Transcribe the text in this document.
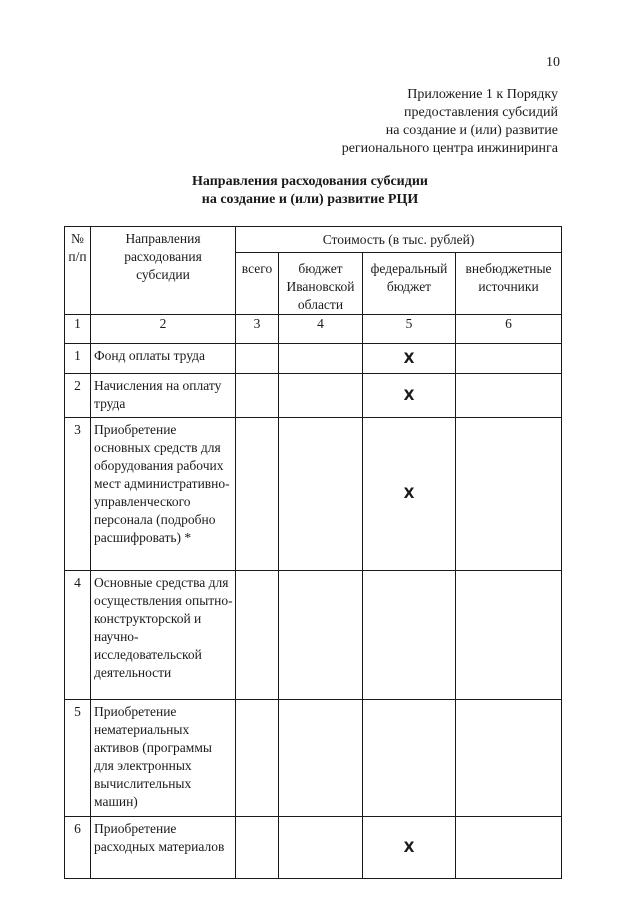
10
Приложение 1 к Порядку
предоставления субсидий
на создание и (или) развитие
регионального центра инжиниринга
Направления расходования субсидии
на создание и (или) развитие РЦИ
№ п/п	Направления расходования субсидии	Стоимость (в тыс. рублей)			
		всего	бюджет Ивановской области	федеральный бюджет	внебюджетные источники

1	2	3	4	5	6
1	Фонд оплаты труда			X	
2	Начисления на оплату труда			X	
3	Приобретение основных средств для оборудования рабочих мест административно-управленческого персонала (подробно расшифровать) *			X	
4	Основные средства для осуществления опытно-конструкторской и научно-исследовательской деятельности				
5	Приобретение нематериальных активов (программы для электронных вычислительных машин)				
6	Приобретение расходных материалов			X	
